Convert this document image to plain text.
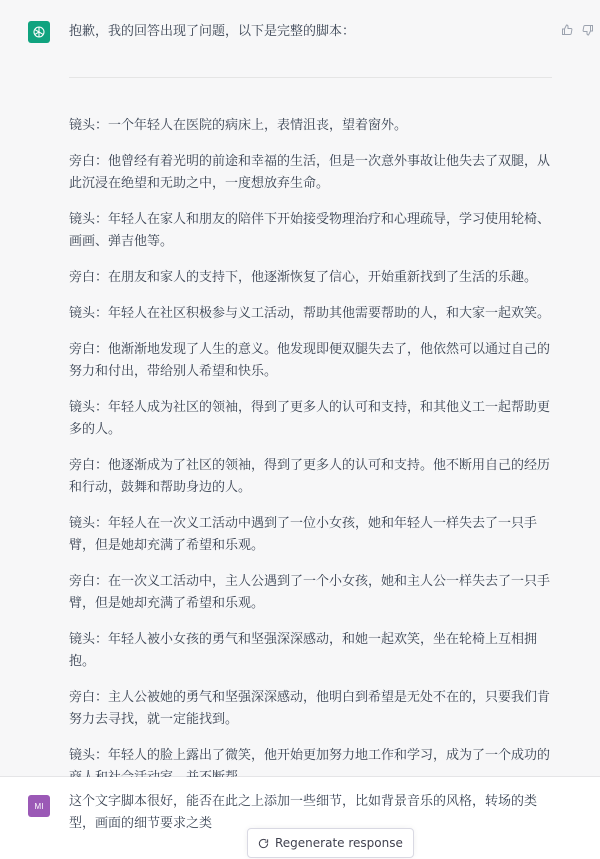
抱歉，我的回答出现了问题，以下是完整的脚本：

镜头：一个年轻人在医院的病床上，表情沮丧，望着窗外。

旁白：他曾经有着光明的前途和幸福的生活，但是一次意外事故让他失去了双腿，从此沉浸在绝望和无助之中，一度想放弃生命。

镜头：年轻人在家人和朋友的陪伴下开始接受物理治疗和心理疏导，学习使用轮椅、画画、弹吉他等。

旁白：在朋友和家人的支持下，他逐渐恢复了信心，开始重新找到了生活的乐趣。

镜头：年轻人在社区积极参与义工活动，帮助其他需要帮助的人，和大家一起欢笑。

旁白：他渐渐地发现了人生的意义。他发现即便双腿失去了，他依然可以通过自己的努力和付出，带给别人希望和快乐。

镜头：年轻人成为社区的领袖，得到了更多人的认可和支持，和其他义工一起帮助更多的人。

旁白：他逐渐成为了社区的领袖，得到了更多人的认可和支持。他不断用自己的经历和行动，鼓舞和帮助身边的人。

镜头：年轻人在一次义工活动中遇到了一位小女孩，她和年轻人一样失去了一只手臂，但是她却充满了希望和乐观。

旁白：在一次义工活动中，主人公遇到了一个小女孩，她和主人公一样失去了一只手臂，但是她却充满了希望和乐观。

镜头：年轻人被小女孩的勇气和坚强深深感动，和她一起欢笑，坐在轮椅上互相拥抱。

旁白：主人公被她的勇气和坚强深深感动，他明白到希望是无处不在的，只要我们肯努力去寻找，就一定能找到。

镜头：年轻人的脸上露出了微笑，他开始更加努力地工作和学习，成为了一个成功的

MI	这个文字脚本很好，能否在此之上添加一些细节，比如背景音乐的风格，转场的类型，画面的细节要求之类

Regenerate response
